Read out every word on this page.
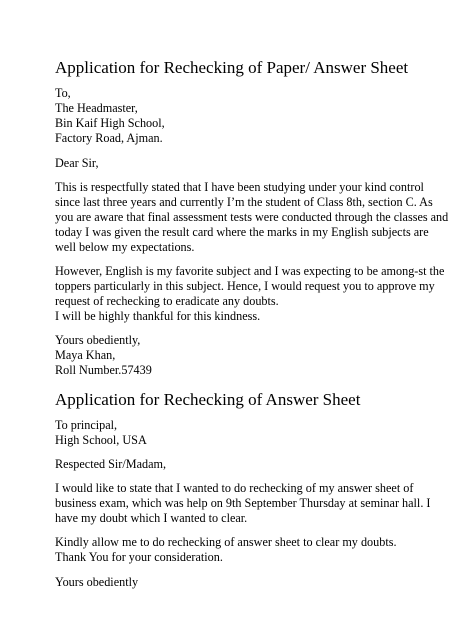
Application for Rechecking of Paper/ Answer Sheet
To,
The Headmaster,
Bin Kaif High School,
Factory Road, Ajman.
Dear Sir,
This is respectfully stated that I have been studying under your kind control
since last three years and currently I’m the student of Class 8th, section C. As
you are aware that final assessment tests were conducted through the classes and
today I was given the result card where the marks in my English subjects are
well below my expectations.
However, English is my favorite subject and I was expecting to be among-st the
toppers particularly in this subject. Hence, I would request you to approve my
request of rechecking to eradicate any doubts.
I will be highly thankful for this kindness.
Yours obediently,
Maya Khan,
Roll Number.57439
Application for Rechecking of Answer Sheet
To principal,
High School, USA
Respected Sir/Madam,
I would like to state that I wanted to do rechecking of my answer sheet of
business exam, which was help on 9th September Thursday at seminar hall. I
have my doubt which I wanted to clear.
Kindly allow me to do rechecking of answer sheet to clear my doubts.
Thank You for your consideration.
Yours obediently
